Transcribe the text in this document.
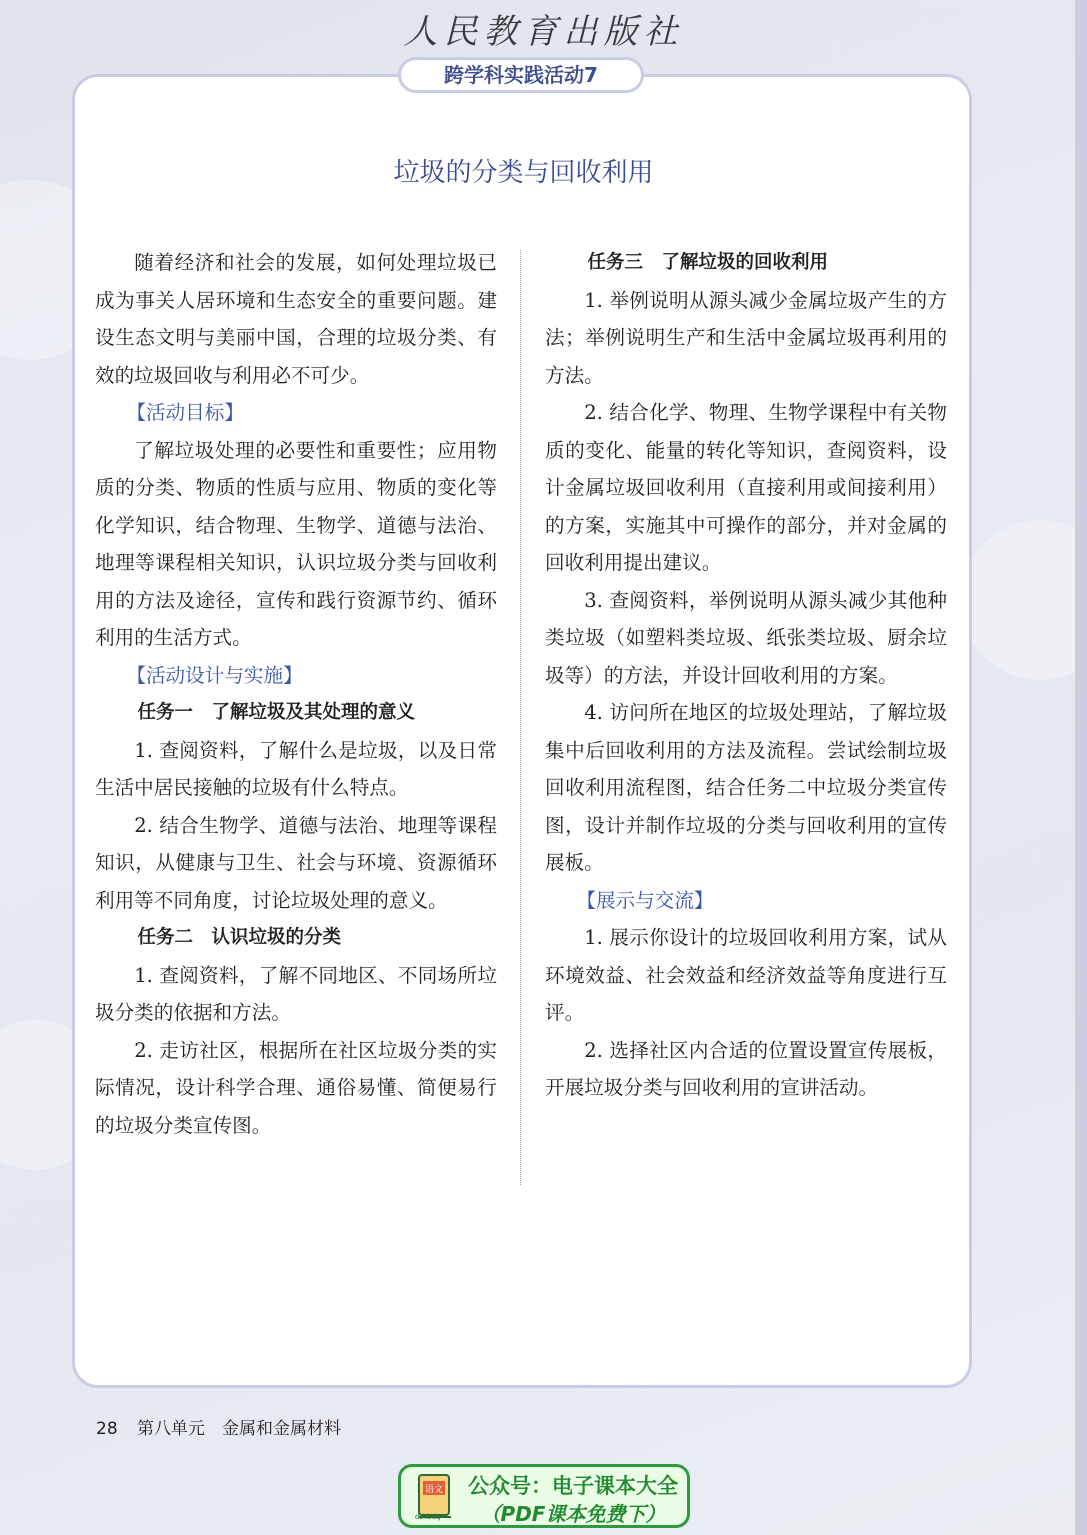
人民教育出版社
跨学科实践活动7
垃圾的分类与回收利用

随着经济和社会的发展，如何处理垃圾已成为事关人居环境和生态安全的重要问题。建设生态文明与美丽中国，合理的垃圾分类、有效的垃圾回收与利用必不可少。

【活动目标】

了解垃圾处理的必要性和重要性；应用物质的分类、物质的性质与应用、物质的变化等化学知识，结合物理、生物学、道德与法治、地理等课程相关知识，认识垃圾分类与回收利用的方法及途径，宣传和践行资源节约、循环利用的生活方式。

【活动设计与实施】

任务一　了解垃圾及其处理的意义

1. 查阅资料，了解什么是垃圾，以及日常生活中居民接触的垃圾有什么特点。

2. 结合生物学、道德与法治、地理等课程知识，从健康与卫生、社会与环境、资源循环利用等不同角度，讨论垃圾处理的意义。

任务二　认识垃圾的分类

1. 查阅资料，了解不同地区、不同场所垃圾分类的依据和方法。

2. 走访社区，根据所在社区垃圾分类的实际情况，设计科学合理、通俗易懂、简便易行的垃圾分类宣传图。

任务三　了解垃圾的回收利用

1. 举例说明从源头减少金属垃圾产生的方法；举例说明生产和生活中金属垃圾再利用的方法。

2. 结合化学、物理、生物学课程中有关物质的变化、能量的转化等知识，查阅资料，设计金属垃圾回收利用（直接利用或间接利用）的方案，实施其中可操作的部分，并对金属的回收利用提出建议。

3. 查阅资料，举例说明从源头减少其他种类垃圾（如塑料类垃圾、纸张类垃圾、厨余垃圾等）的方法，并设计回收利用的方案。

4. 访问所在地区的垃圾处理站，了解垃圾集中后回收利用的方法及流程。尝试绘制垃圾回收利用流程图，结合任务二中垃圾分类宣传图，设计并制作垃圾的分类与回收利用的宣传展板。

【展示与交流】

1. 展示你设计的垃圾回收利用方案，试从环境效益、社会效益和经济效益等角度进行互评。

2. 选择社区内合适的位置设置宣传展板，开展垃圾分类与回收利用的宣讲活动。

28 第八单元　金属和金属材料
语文
dzkbdq
公众号：电子课本大全
（PDF课本免费下）
